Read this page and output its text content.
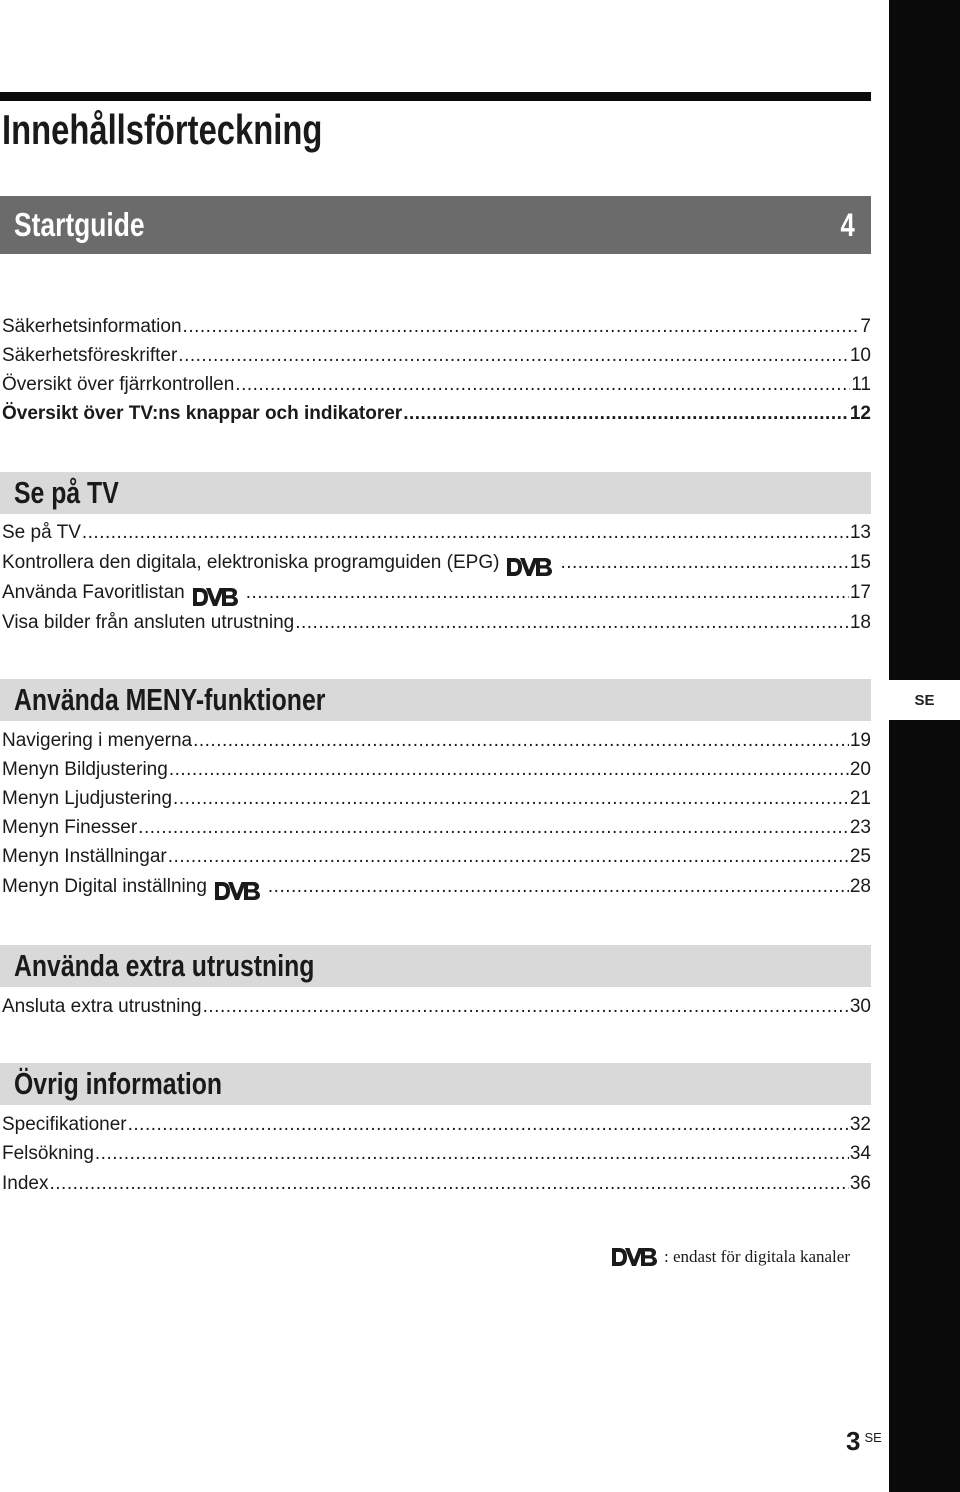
SE
Innehållsförteckning
Startguide	4
Säkerhetsinformation .....	7
Säkerhetsföreskrifter .....	10
Översikt över fjärrkontrollen .....	11
Översikt över TV:ns knappar och indikatorer .....	12
Se på TV
Se på TV .....	13
Kontrollera den digitala, elektroniska programguiden (EPG) .....	15
Använda Favoritlistan .....	17
Visa bilder från ansluten utrustning .....	18
Använda MENY-funktioner
Navigering i menyerna .....	19
Menyn Bildjustering .....	20
Menyn Ljudjustering .....	21
Menyn Finesser .....	23
Menyn Inställningar .....	25
Menyn Digital inställning .....	28
Använda extra utrustning
Ansluta extra utrustning .....	30
Övrig information
Specifikationer .....	32
Felsökning .....	34
Index .....	36
: endast för digitala kanaler
3 SE
